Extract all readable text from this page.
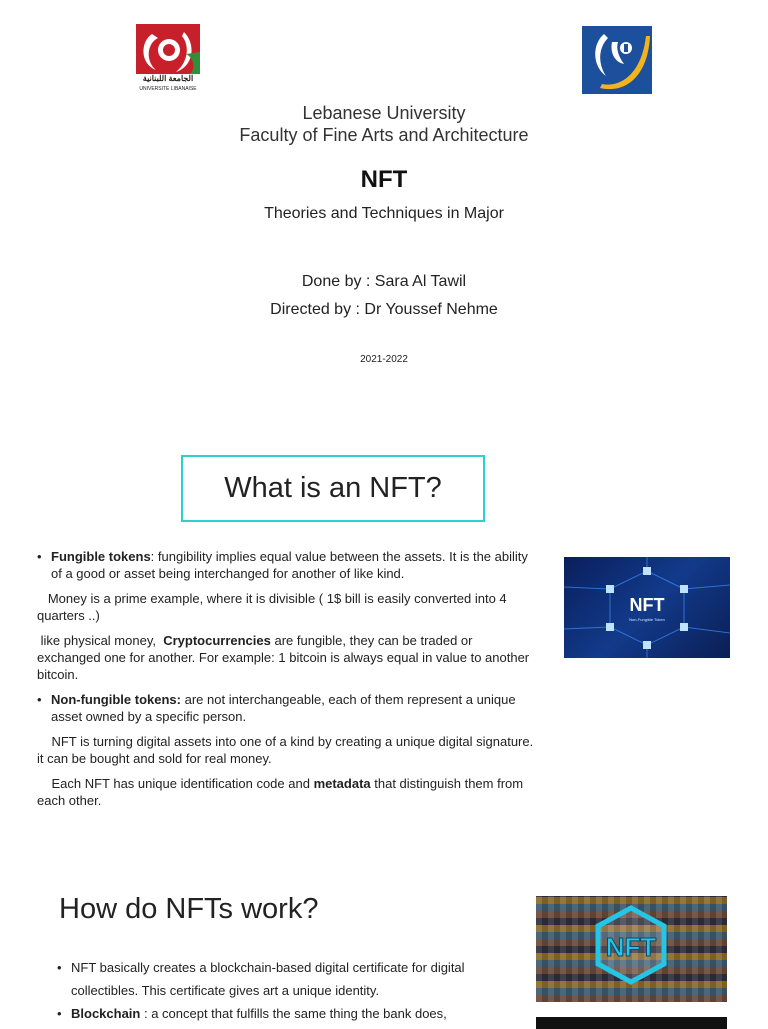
الجامعة اللبنانية
UNIVERSITE LIBANAISE
Lebanese University
Faculty of Fine Arts and Architecture
NFT
Theories and Techniques in Major
Done by : Sara Al Tawil
Directed by : Dr Youssef Nehme
2021-2022
What is an NFT?

• Fungible tokens: fungibility implies equal value between the assets. It is the ability of a good or asset being interchanged for another of like kind.

Money is a prime example, where it is divisible ( 1$ bill is easily converted into 4 quarters ..)

like physical money,  Cryptocurrencies are fungible, they can be traded or exchanged one for another. For example: 1 bitcoin is always equal in value to another bitcoin.

• Non-fungible tokens: are not interchangeable, each of them represent a unique asset owned by a specific person.

NFT is turning digital assets into one of a kind by creating a unique digital signature. it can be bought and sold for real money.

Each NFT has unique identification code and metadata that distinguish them from each other.

NFT
Non-Fungible Token
How do NFTs work?
NFT

• NFT basically creates a blockchain-based digital certificate for digital collectibles. This certificate gives art a unique identity.

• Blockchain : a concept that fulfills the same thing the bank does,
